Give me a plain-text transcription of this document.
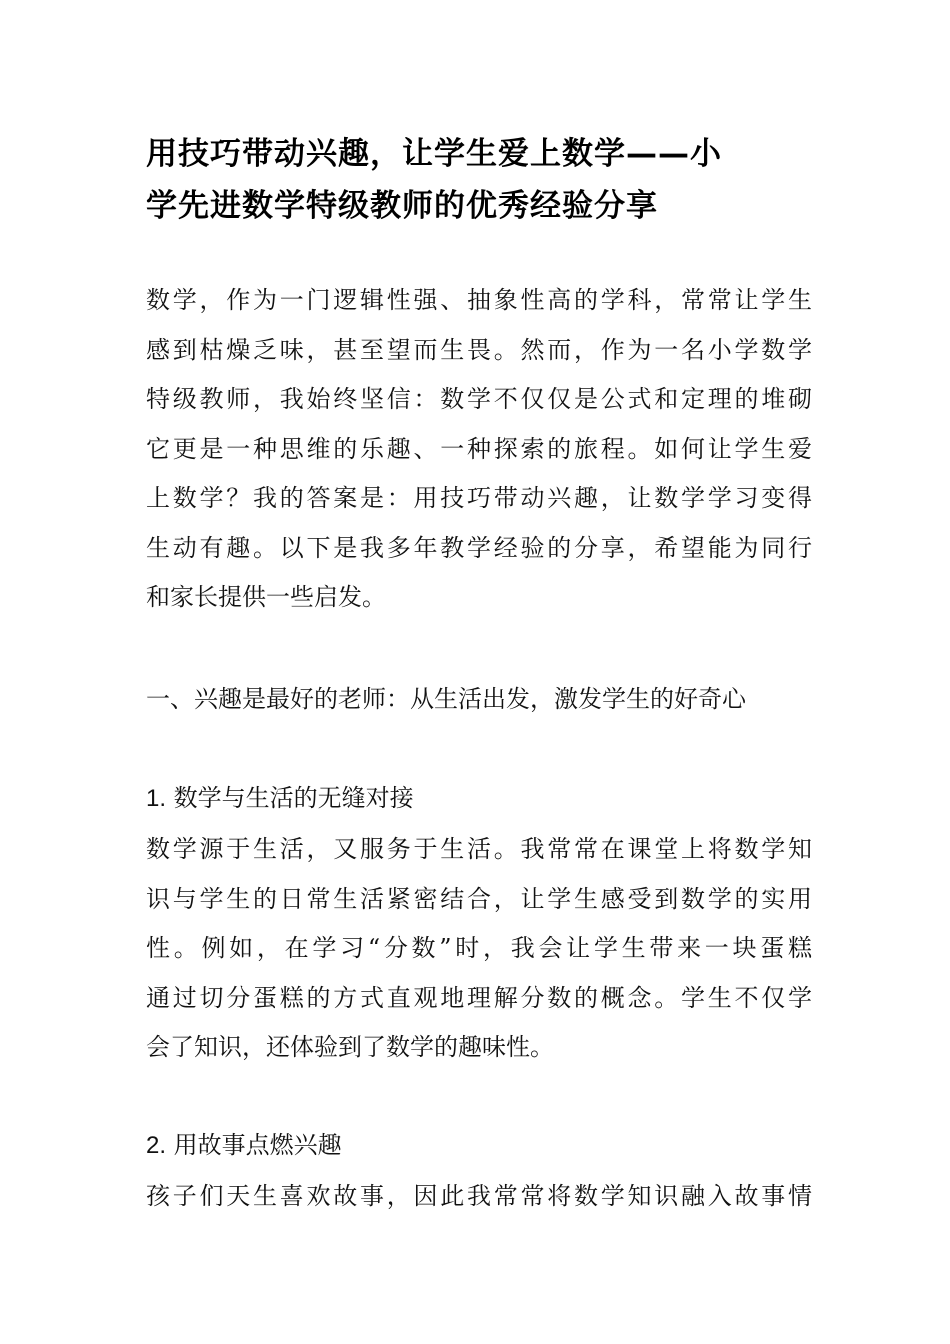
用技巧带动兴趣，让学生爱上数学——小
学先进数学特级教师的优秀经验分享
数学，作为一门逻辑性强、抽象性高的学科，常常让学生
感到枯燥乏味，甚至望而生畏。然而，作为一名小学数学
特级教师，我始终坚信：数学不仅仅是公式和定理的堆砌
它更是一种思维的乐趣、一种探索的旅程。如何让学生爱
上数学？我的答案是：用技巧带动兴趣，让数学学习变得
生动有趣。以下是我多年教学经验的分享，希望能为同行
和家长提供一些启发。
一、兴趣是最好的老师：从生活出发，激发学生的好奇心
1. 数学与生活的无缝对接
数学源于生活，又服务于生活。我常常在课堂上将数学知
识与学生的日常生活紧密结合，让学生感受到数学的实用
性。例如，在学习“分数”时，我会让学生带来一块蛋糕
通过切分蛋糕的方式直观地理解分数的概念。学生不仅学
会了知识，还体验到了数学的趣味性。
2. 用故事点燃兴趣
孩子们天生喜欢故事，因此我常常将数学知识融入故事情
